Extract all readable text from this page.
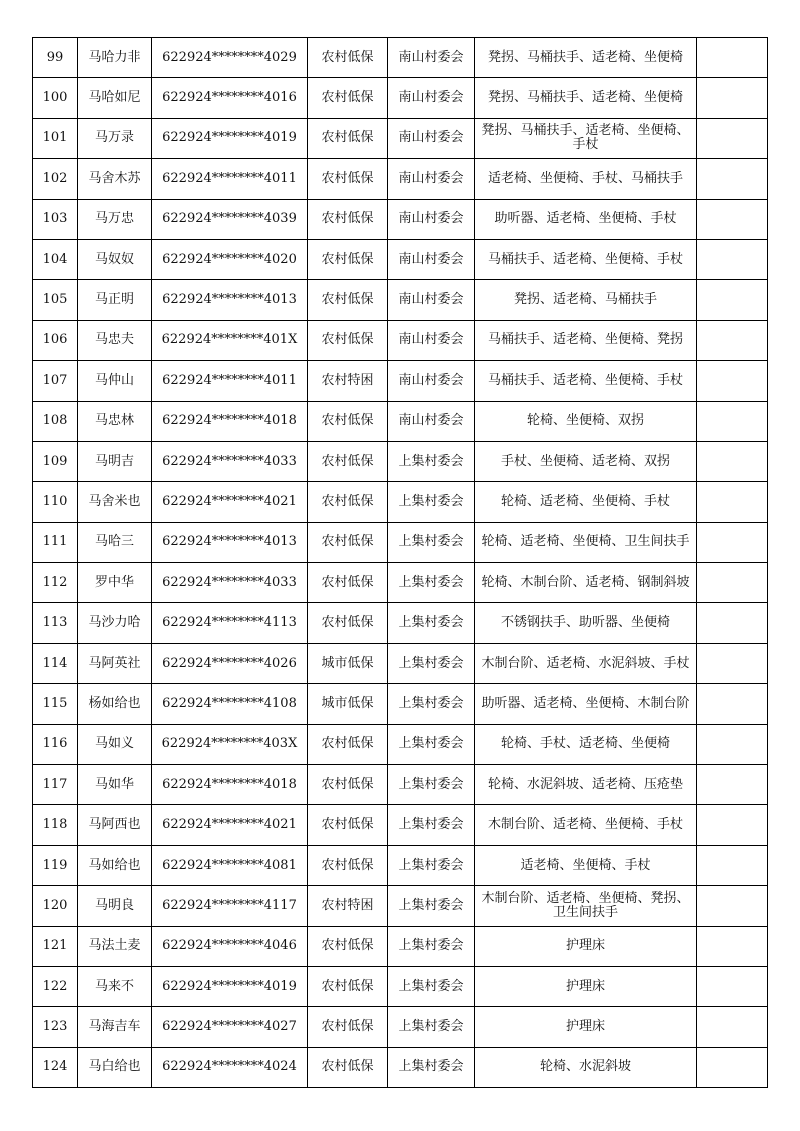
99	马哈力非	622924********4029	农村低保	南山村委会	凳拐、马桶扶手、适老椅、坐便椅	
100	马哈如尼	622924********4016	农村低保	南山村委会	凳拐、马桶扶手、适老椅、坐便椅	
101	马万录	622924********4019	农村低保	南山村委会	凳拐、马桶扶手、适老椅、坐便椅、手杖	
102	马舍木苏	622924********4011	农村低保	南山村委会	适老椅、坐便椅、手杖、马桶扶手	
103	马万忠	622924********4039	农村低保	南山村委会	助听器、适老椅、坐便椅、手杖	
104	马奴奴	622924********4020	农村低保	南山村委会	马桶扶手、适老椅、坐便椅、手杖	
105	马正明	622924********4013	农村低保	南山村委会	凳拐、适老椅、马桶扶手	
106	马忠夫	622924********401X	农村低保	南山村委会	马桶扶手、适老椅、坐便椅、凳拐	
107	马仲山	622924********4011	农村特困	南山村委会	马桶扶手、适老椅、坐便椅、手杖	
108	马忠林	622924********4018	农村低保	南山村委会	轮椅、坐便椅、双拐	
109	马明吉	622924********4033	农村低保	上集村委会	手杖、坐便椅、适老椅、双拐	
110	马舍米也	622924********4021	农村低保	上集村委会	轮椅、适老椅、坐便椅、手杖	
111	马哈三	622924********4013	农村低保	上集村委会	轮椅、适老椅、坐便椅、卫生间扶手	
112	罗中华	622924********4033	农村低保	上集村委会	轮椅、木制台阶、适老椅、钢制斜坡	
113	马沙力哈	622924********4113	农村低保	上集村委会	不锈钢扶手、助听器、坐便椅	
114	马阿英社	622924********4026	城市低保	上集村委会	木制台阶、适老椅、水泥斜坡、手杖	
115	杨如给也	622924********4108	城市低保	上集村委会	助听器、适老椅、坐便椅、木制台阶	
116	马如义	622924********403X	农村低保	上集村委会	轮椅、手杖、适老椅、坐便椅	
117	马如华	622924********4018	农村低保	上集村委会	轮椅、水泥斜坡、适老椅、压疮垫	
118	马阿西也	622924********4021	农村低保	上集村委会	木制台阶、适老椅、坐便椅、手杖	
119	马如给也	622924********4081	农村低保	上集村委会	适老椅、坐便椅、手杖	
120	马明良	622924********4117	农村特困	上集村委会	木制台阶、适老椅、坐便椅、凳拐、卫生间扶手	
121	马法土麦	622924********4046	农村低保	上集村委会	护理床	
122	马来不	622924********4019	农村低保	上集村委会	护理床	
123	马海吉车	622924********4027	农村低保	上集村委会	护理床	
124	马白给也	622924********4024	农村低保	上集村委会	轮椅、水泥斜坡	
